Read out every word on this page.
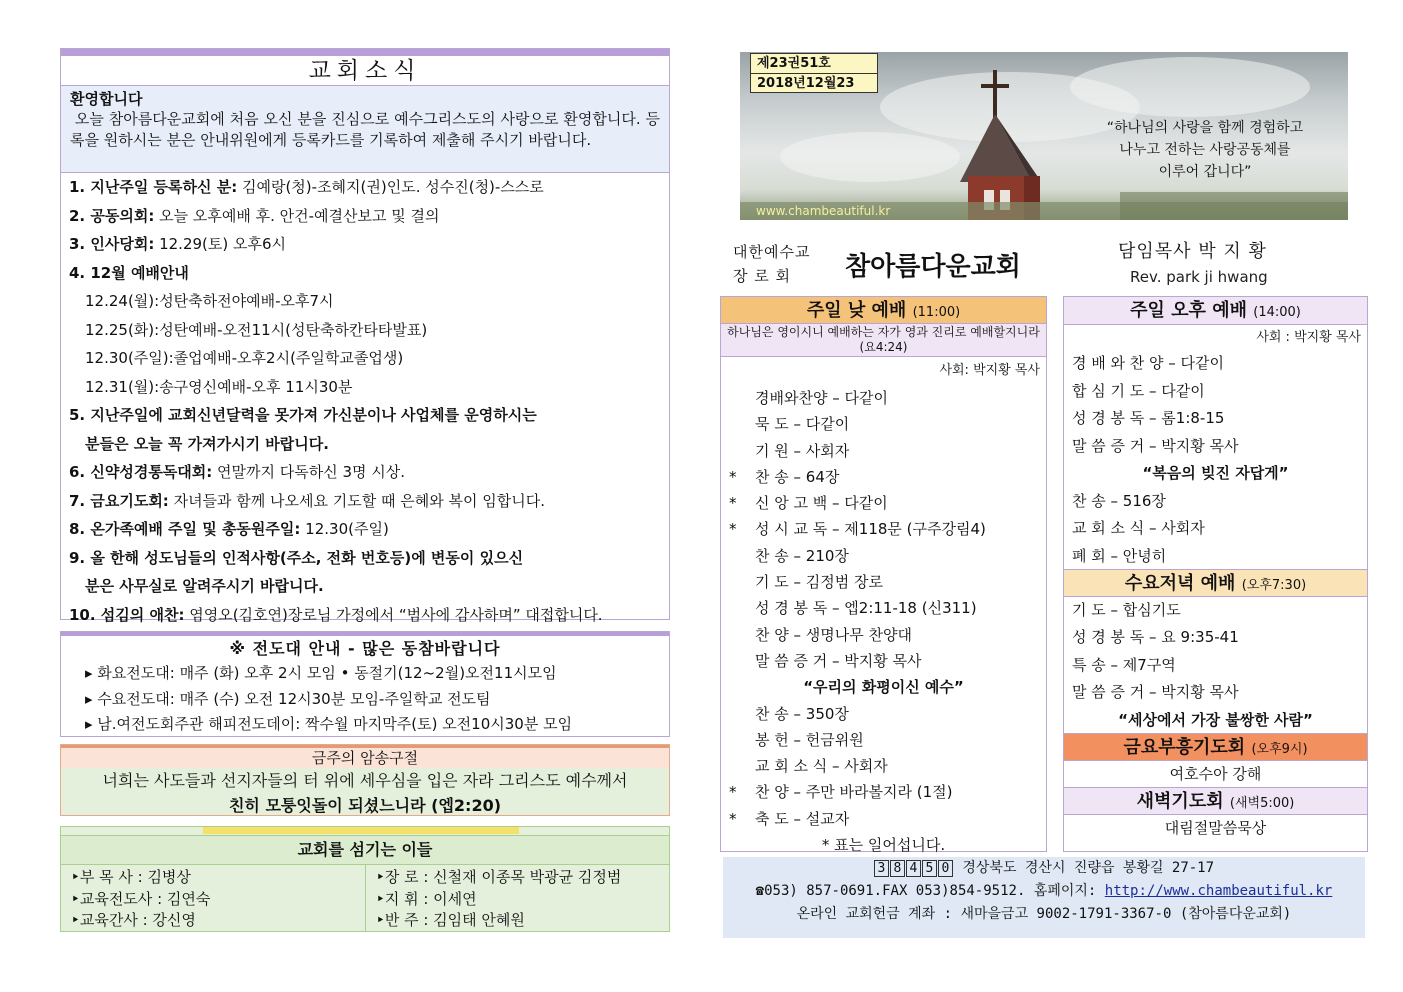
교회소식
환영합니다
오늘 참아름다운교회에 처음 오신 분을 진심으로 예수그리스도의 사랑으로 환영합니다. 등록을 원하시는 분은 안내위원에게 등록카드를 기록하여 제출해 주시기 바랍니다.
1. 지난주일 등록하신 분: 김예랑(청)-조혜지(권)인도. 성수진(청)-스스로
2. 공동의회: 오늘 오후예배 후. 안건-예결산보고 및 결의
3. 인사당회: 12.29(토) 오후6시
4. 12월 예배안내
12.24(월):성탄축하전야예배-오후7시
12.25(화):성탄예배-오전11시(성탄축하칸타타발표)
12.30(주일):졸업예배-오후2시(주일학교졸업생)
12.31(월):송구영신예배-오후 11시30분
5. 지난주일에 교회신년달력을 못가져 가신분이나 사업체를 운영하시는
분들은 오늘 꼭 가져가시기 바랍니다.
6. 신약성경통독대회: 연말까지 다독하신 3명 시상.
7. 금요기도회: 자녀들과 함께 나오세요 기도할 때 은혜와 복이 임합니다.
8. 온가족예배 주일 및 총동원주일: 12.30(주일)
9. 올 한해 성도님들의 인적사항(주소, 전화 번호등)에 변동이 있으신
분은 사무실로 알려주시기 바랍니다.
10. 섬김의 애찬: 염영오(김호연)장로님 가정에서 “범사에 감사하며” 대접합니다.
※ 전도대 안내 - 많은 동참바랍니다
▸ 화요전도대: 매주 (화) 오후 2시 모임 • 동절기(12~2월)오전11시모임
▸ 수요전도대: 매주 (수) 오전 12시30분 모임-주일학교 전도팀
▸ 남.여전도회주관 해피전도데이: 짝수월 마지막주(토) 오전10시30분 모임
금주의 암송구절
너희는 사도들과 선지자들의 터 위에 세우심을 입은 자라 그리스도 예수께서
친히 모퉁잇돌이 되셨느니라 (엡2:20)
교회를 섬기는 이들
‣부 목 사 : 김병상
‣교육전도사 : 김연숙
‣교육간사 : 강신영
‣장 로 : 신철재 이종목 박광균 김정범
‣지 휘 : 이세연
‣반 주 : 김임태 안혜원
제23권51호
2018년12월23
“하나님의 사랑을 함께 경험하고
나누고 전하는 사랑공동체를
이루어 갑니다”
www.chambeautiful.kr
대한예수교
장 로 회	참아름다운교회
담임목사 박 지 황
Rev. park ji hwang
주일 낮 예배 (11:00)
하나님은 영이시니 예배하는 자가 영과 진리로 예배할지니라(요4:24)
사회: 박지황 목사
경배와찬양 – 다같이
묵 도 – 다같이
기 원 – 사회자
* 찬 송 – 64장
* 신 앙 고 백 – 다같이
* 성 시 교 독 – 제118문 (구주강림4)
찬 송 – 210장
기 도 – 김정범 장로
성 경 봉 독 – 엡2:11-18 (신311)
찬 양 – 생명나무 찬양대
말 씀 증 거 – 박지황 목사
“우리의 화평이신 예수”
찬 송 – 350장
봉 헌 – 헌금위원
교 회 소 식 – 사회자
* 찬 양 – 주만 바라볼지라 (1절)
* 축 도 – 설교자
* 표는 일어섭니다.
주일 오후 예배 (14:00)
사회 : 박지황 목사
경 배 와 찬 양 – 다같이
합 심 기 도 – 다같이
성 경 봉 독 – 롬1:8-15
말 씀 증 거 – 박지황 목사
“복음의 빚진 자답게”
찬 송 – 516장
교 회 소 식 – 사회자
폐 회 – 안녕히
수요저녁 예배 (오후7:30)
기 도 – 합심기도
성 경 봉 독 – 요 9:35-41
특 송 – 제7구역
말 씀 증 거 – 박지황 목사
“세상에서 가장 불쌍한 사람”
금요부흥기도회 (오후9시)
여호수아 강해
새벽기도회 (새벽5:00)
대림절말씀묵상
3 8 4 5 0 경상북도 경산시 진량읍 봉황길 27-17
☎053) 857-0691.FAX 053)854-9512. 홈페이지: http://www.chambeautiful.kr
온라인 교회헌금 계좌 : 새마을금고 9002-1791-3367-0 (참아름다운교회)
